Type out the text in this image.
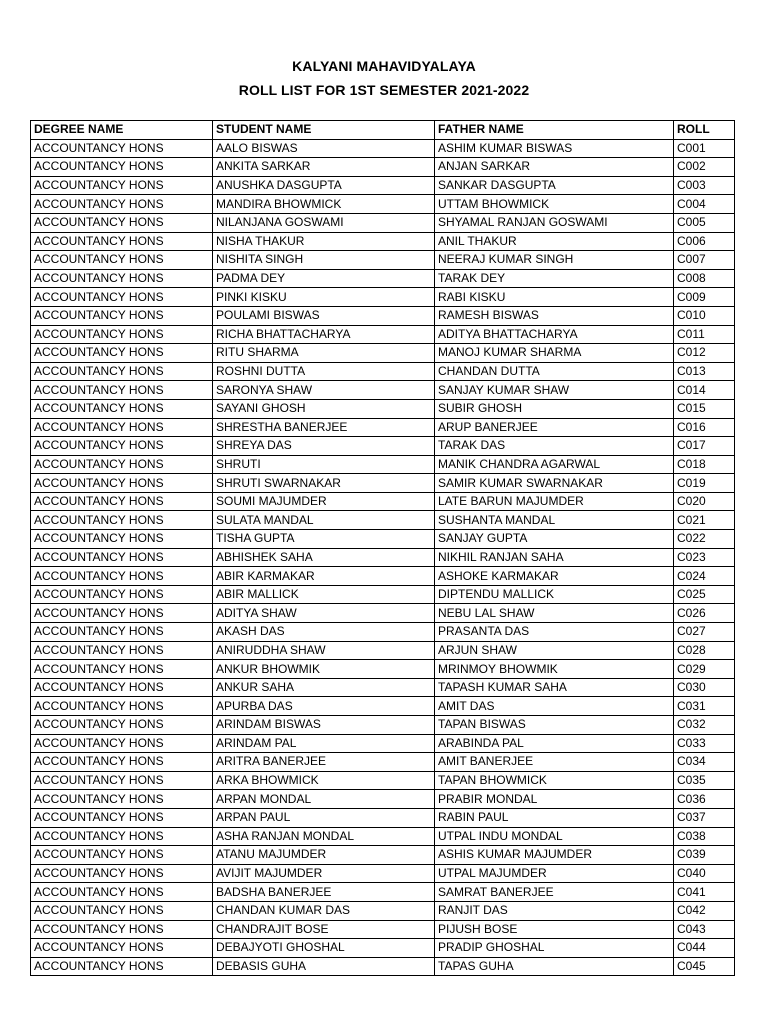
KALYANI MAHAVIDYALAYA
ROLL LIST FOR 1ST SEMESTER 2021-2022
DEGREE NAME	STUDENT NAME	FATHER NAME	ROLL
ACCOUNTANCY HONS	AALO BISWAS	ASHIM KUMAR BISWAS	C001
ACCOUNTANCY HONS	ANKITA SARKAR	ANJAN SARKAR	C002
ACCOUNTANCY HONS	ANUSHKA DASGUPTA	SANKAR DASGUPTA	C003
ACCOUNTANCY HONS	MANDIRA BHOWMICK	UTTAM BHOWMICK	C004
ACCOUNTANCY HONS	NILANJANA GOSWAMI	SHYAMAL RANJAN GOSWAMI	C005
ACCOUNTANCY HONS	NISHA THAKUR	ANIL THAKUR	C006
ACCOUNTANCY HONS	NISHITA SINGH	NEERAJ KUMAR SINGH	C007
ACCOUNTANCY HONS	PADMA DEY	TARAK DEY	C008
ACCOUNTANCY HONS	PINKI KISKU	RABI KISKU	C009
ACCOUNTANCY HONS	POULAMI BISWAS	RAMESH BISWAS	C010
ACCOUNTANCY HONS	RICHA BHATTACHARYA	ADITYA BHATTACHARYA	C011
ACCOUNTANCY HONS	RITU SHARMA	MANOJ KUMAR SHARMA	C012
ACCOUNTANCY HONS	ROSHNI DUTTA	CHANDAN DUTTA	C013
ACCOUNTANCY HONS	SARONYA SHAW	SANJAY KUMAR SHAW	C014
ACCOUNTANCY HONS	SAYANI GHOSH	SUBIR GHOSH	C015
ACCOUNTANCY HONS	SHRESTHA BANERJEE	ARUP BANERJEE	C016
ACCOUNTANCY HONS	SHREYA DAS	TARAK DAS	C017
ACCOUNTANCY HONS	SHRUTI	MANIK CHANDRA AGARWAL	C018
ACCOUNTANCY HONS	SHRUTI SWARNAKAR	SAMIR KUMAR SWARNAKAR	C019
ACCOUNTANCY HONS	SOUMI MAJUMDER	LATE BARUN MAJUMDER	C020
ACCOUNTANCY HONS	SULATA MANDAL	SUSHANTA MANDAL	C021
ACCOUNTANCY HONS	TISHA GUPTA	SANJAY GUPTA	C022
ACCOUNTANCY HONS	ABHISHEK SAHA	NIKHIL RANJAN SAHA	C023
ACCOUNTANCY HONS	ABIR KARMAKAR	ASHOKE KARMAKAR	C024
ACCOUNTANCY HONS	ABIR MALLICK	DIPTENDU MALLICK	C025
ACCOUNTANCY HONS	ADITYA SHAW	NEBU LAL SHAW	C026
ACCOUNTANCY HONS	AKASH DAS	PRASANTA DAS	C027
ACCOUNTANCY HONS	ANIRUDDHA SHAW	ARJUN SHAW	C028
ACCOUNTANCY HONS	ANKUR BHOWMIK	MRINMOY BHOWMIK	C029
ACCOUNTANCY HONS	ANKUR SAHA	TAPASH KUMAR SAHA	C030
ACCOUNTANCY HONS	APURBA DAS	AMIT DAS	C031
ACCOUNTANCY HONS	ARINDAM BISWAS	TAPAN BISWAS	C032
ACCOUNTANCY HONS	ARINDAM PAL	ARABINDA PAL	C033
ACCOUNTANCY HONS	ARITRA BANERJEE	AMIT BANERJEE	C034
ACCOUNTANCY HONS	ARKA BHOWMICK	TAPAN BHOWMICK	C035
ACCOUNTANCY HONS	ARPAN MONDAL	PRABIR MONDAL	C036
ACCOUNTANCY HONS	ARPAN PAUL	RABIN PAUL	C037
ACCOUNTANCY HONS	ASHA RANJAN MONDAL	UTPAL INDU MONDAL	C038
ACCOUNTANCY HONS	ATANU MAJUMDER	ASHIS KUMAR MAJUMDER	C039
ACCOUNTANCY HONS	AVIJIT MAJUMDER	UTPAL MAJUMDER	C040
ACCOUNTANCY HONS	BADSHA BANERJEE	SAMRAT BANERJEE	C041
ACCOUNTANCY HONS	CHANDAN KUMAR DAS	RANJIT DAS	C042
ACCOUNTANCY HONS	CHANDRAJIT BOSE	PIJUSH BOSE	C043
ACCOUNTANCY HONS	DEBAJYOTI GHOSHAL	PRADIP GHOSHAL	C044
ACCOUNTANCY HONS	DEBASIS GUHA	TAPAS GUHA	C045
